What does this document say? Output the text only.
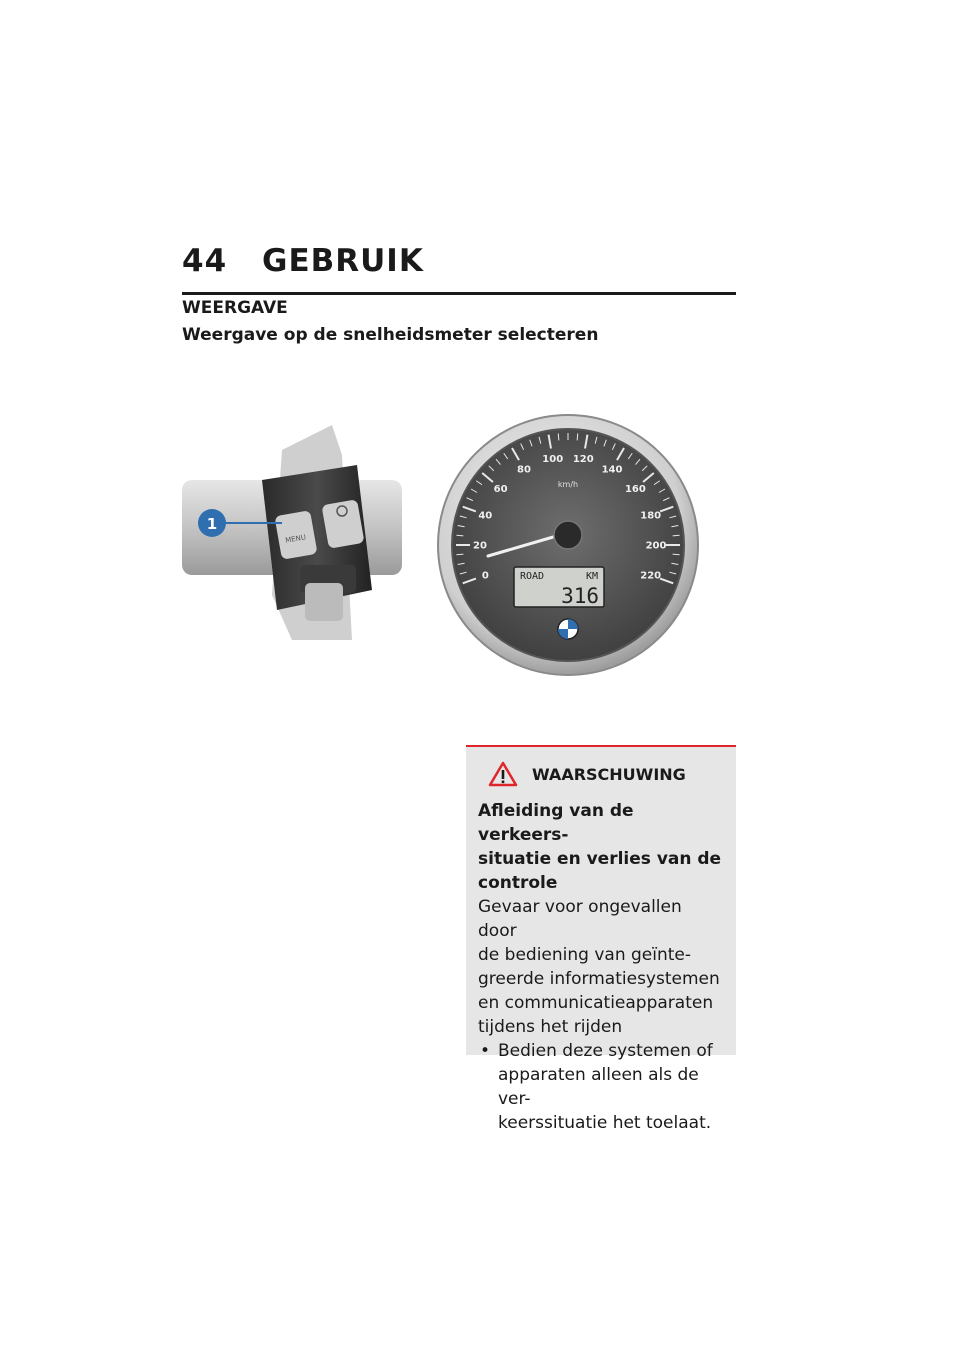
44 GEBRUIK
WEERGAVE
Weergave op de snelheidsmeter selecteren
1
MENU
0
20
40
60
80
100 120
140
160
180
200
220
km/h
ROAD	KM
316
WAARSCHUWING
Afleiding van de verkeers-
situatie en verlies van de
controle
Gevaar voor ongevallen door
de bediening van geïnte-
greerde informatiesystemen
en communicatieapparaten
tijdens het rijden
• Bedien deze systemen of
apparaten alleen als de ver-
keerssituatie het toelaat.
